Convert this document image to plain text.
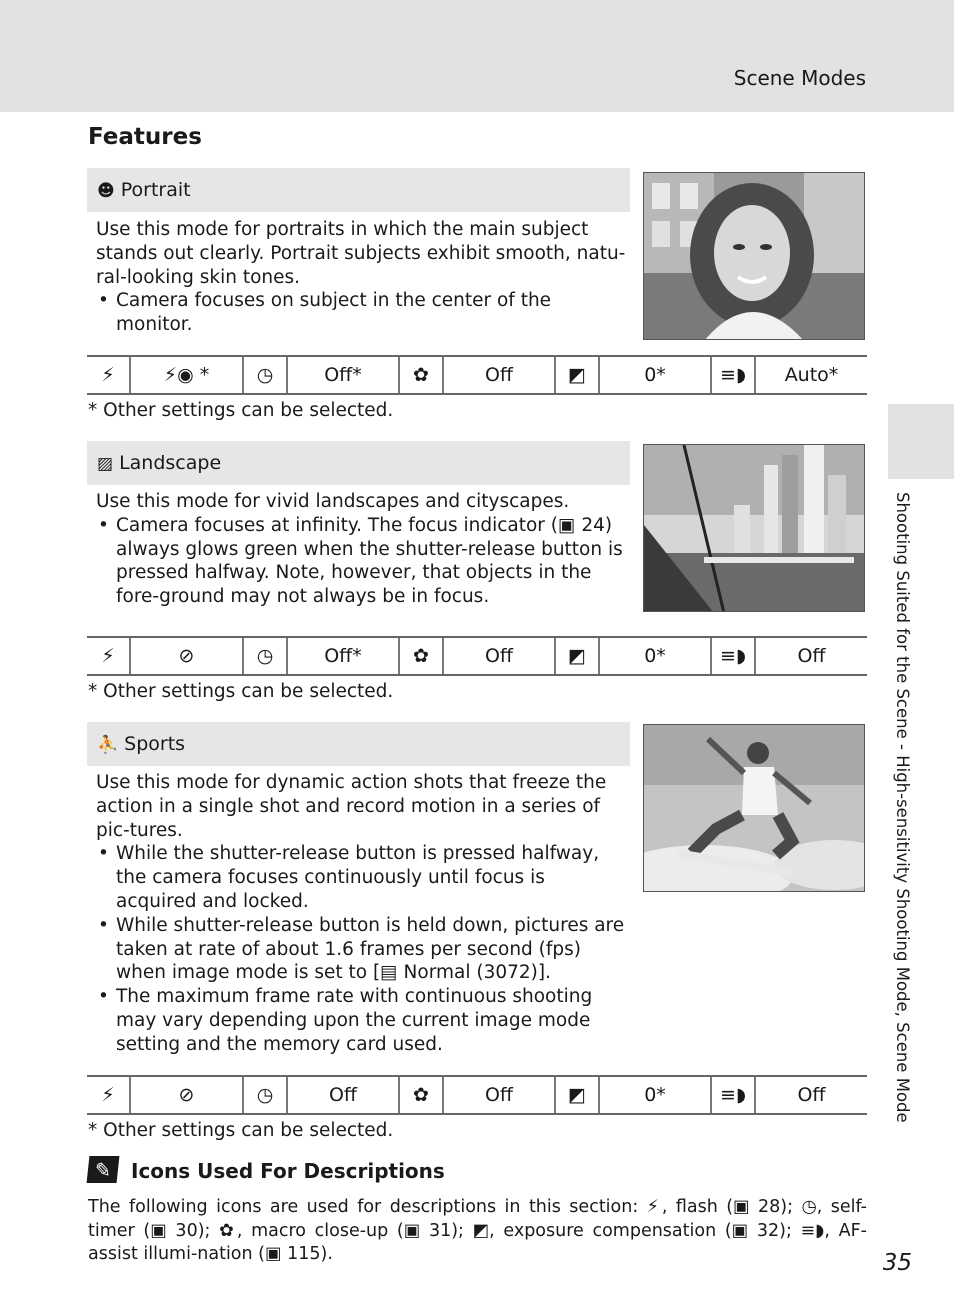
Scene Modes
Features
☻ Portrait

Use this mode for portraits in which the main subject stands out clearly. Portrait subjects exhibit smooth, natu-ral-looking skin tones.

• Camera focuses on subject in the center of the monitor.
⚡	⚡◉ *	◷	Off*	✿	Off	◩	0*	≡◗	Auto*
* Other settings can be selected.
▨ Landscape

Use this mode for vivid landscapes and cityscapes.

• Camera focuses at infinity. The focus indicator (▣ 24) always glows green when the shutter-release button is pressed halfway. Note, however, that objects in the fore-ground may not always be in focus.
⚡	⊘	◷	Off*	✿	Off	◩	0*	≡◗	Off
* Other settings can be selected.
⛹ Sports

Use this mode for dynamic action shots that freeze the action in a single shot and record motion in a series of pic-tures.

• While the shutter-release button is pressed halfway, the camera focuses continuously until focus is acquired and locked.
• While shutter-release button is held down, pictures are taken at rate of about 1.6 frames per second (fps) when image mode is set to [▤ Normal (3072)].
• The maximum frame rate with continuous shooting may vary depending upon the current image mode setting and the memory card used.
⚡	⊘	◷	Off	✿	Off	◩	0*	≡◗	Off
* Other settings can be selected.
✎ Icons Used For Descriptions
The following icons are used for descriptions in this section: ⚡, flash (▣ 28); ◷, self-timer (▣ 30); ✿, macro close-up (▣ 31); ◩, exposure compensation (▣ 32); ≡◗, AF-assist illumi-nation (▣ 115).
Shooting Suited for the Scene - High-sensitivity Shooting Mode, Scene Mode
35
